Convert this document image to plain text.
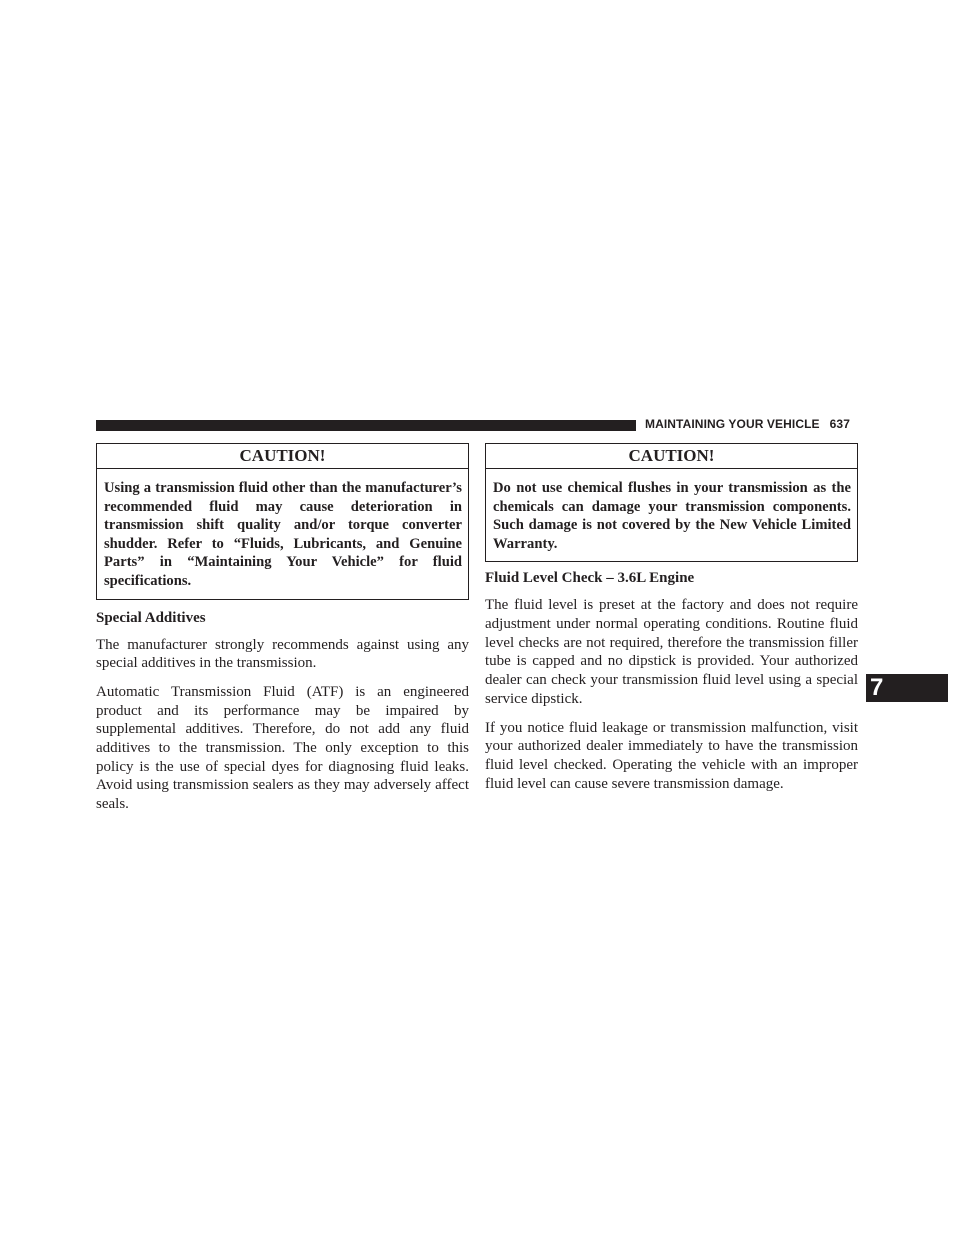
MAINTAINING YOUR VEHICLE 637
CAUTION!
Using a transmission fluid other than the manufacturer’s recommended fluid may cause deterioration in transmission shift quality and/or torque converter shudder. Refer to “Fluids, Lubricants, and Genuine Parts” in “Maintaining Your Vehicle” for fluid specifications.
Special Additives

The manufacturer strongly recommends against using any special additives in the transmission.

Automatic Transmission Fluid (ATF) is an engineered product and its performance may be impaired by supplemental additives. Therefore, do not add any fluid additives to the transmission. The only exception to this policy is the use of special dyes for diagnosing fluid leaks. Avoid using transmission sealers as they may adversely affect seals.

CAUTION!
Do not use chemical flushes in your transmission as the chemicals can damage your transmission components. Such damage is not covered by the New Vehicle Limited Warranty.
Fluid Level Check – 3.6L Engine

The fluid level is preset at the factory and does not require adjustment under normal operating conditions. Routine fluid level checks are not required, therefore the transmission filler tube is capped and no dipstick is provided. Your authorized dealer can check your transmission fluid level using a special service dipstick.

If you notice fluid leakage or transmission malfunction, visit your authorized dealer immediately to have the transmission fluid level checked. Operating the vehicle with an improper fluid level can cause severe transmission damage.

7
